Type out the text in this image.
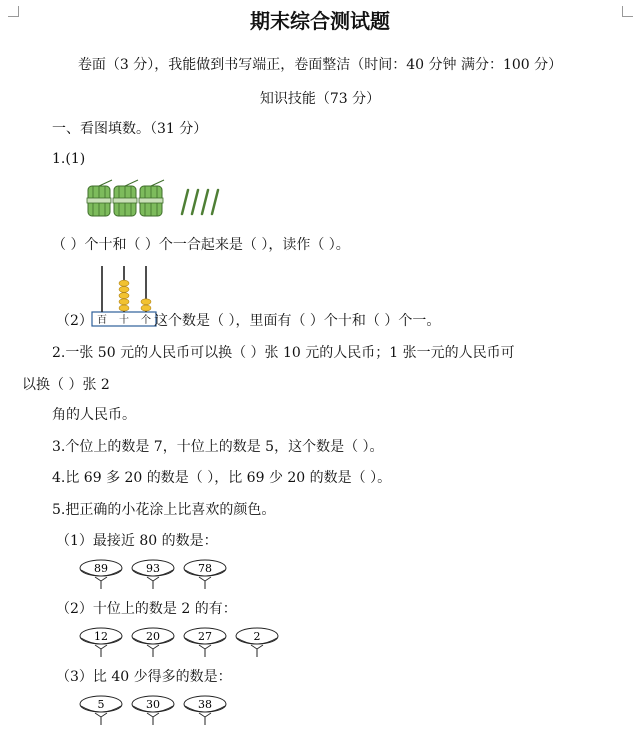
期末综合测试题
卷面（3 分），我能做到书写端正，卷面整洁（时间：40 分钟 满分：100 分）
知识技能（73 分）
一、看图填数。（31 分）
1.(1)
（ ）个十和（ ）个一合起来是（ ），读作（ ）。
百 十 个
（2）	这个数是（ ），里面有（ ）个十和（ ）个一。
2.一张 50 元的人民币可以换（ ）张 10 元的人民币；1 张一元的人民币可
以换（ ）张 2
角的人民币。
3.个位上的数是 7，十位上的数是 5，这个数是（ ）。
4.比 69 多 20 的数是（ ），比 69 少 20 的数是（ ）。
5.把正确的小花涂上比喜欢的颜色。
（1）最接近 80 的数是：
89	93	78
（2）十位上的数是 2 的有：
12	20	27	2
（3）比 40 少得多的数是：
5	30	38
